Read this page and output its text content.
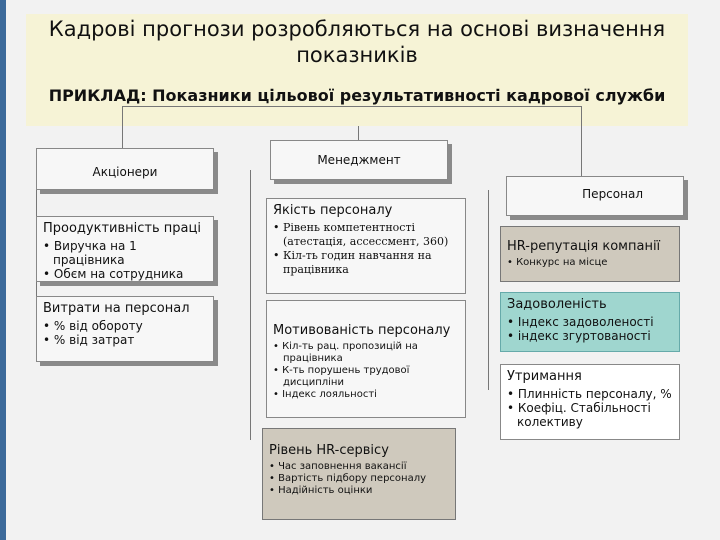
Кадрові прогнози розробляються на основі визначення показників
ПРИКЛАД: Показники цільової результативності кадрової служби
Акціонери
Проодуктивність праці
• Виручка на 1 працівника
• Обєм на сотрудника
Витрати на персонал
• % від обороту
• % від затрат
Менеджмент
Якість персоналу
• Рівень компетентності (атестація, ассессмент, 360)
• Кіл-ть годин навчання на працівника
Мотивованість персоналу
• Кіл-ть рац. пропозицій на працівника
• К-ть порушень трудової дисципліни
• Індекс лояльності
Рівень HR-сервісу
• Час заповнення вакансії
• Вартість підбору персоналу
• Надійність оцінки
Персонал
HR-репутація компанії
• Конкурс на місце
Задоволеність
• Індекс задоволеності
• індекс згуртованості
Утримання
• Плинність персоналу, %
• Коефіц. Стабільності колективу
